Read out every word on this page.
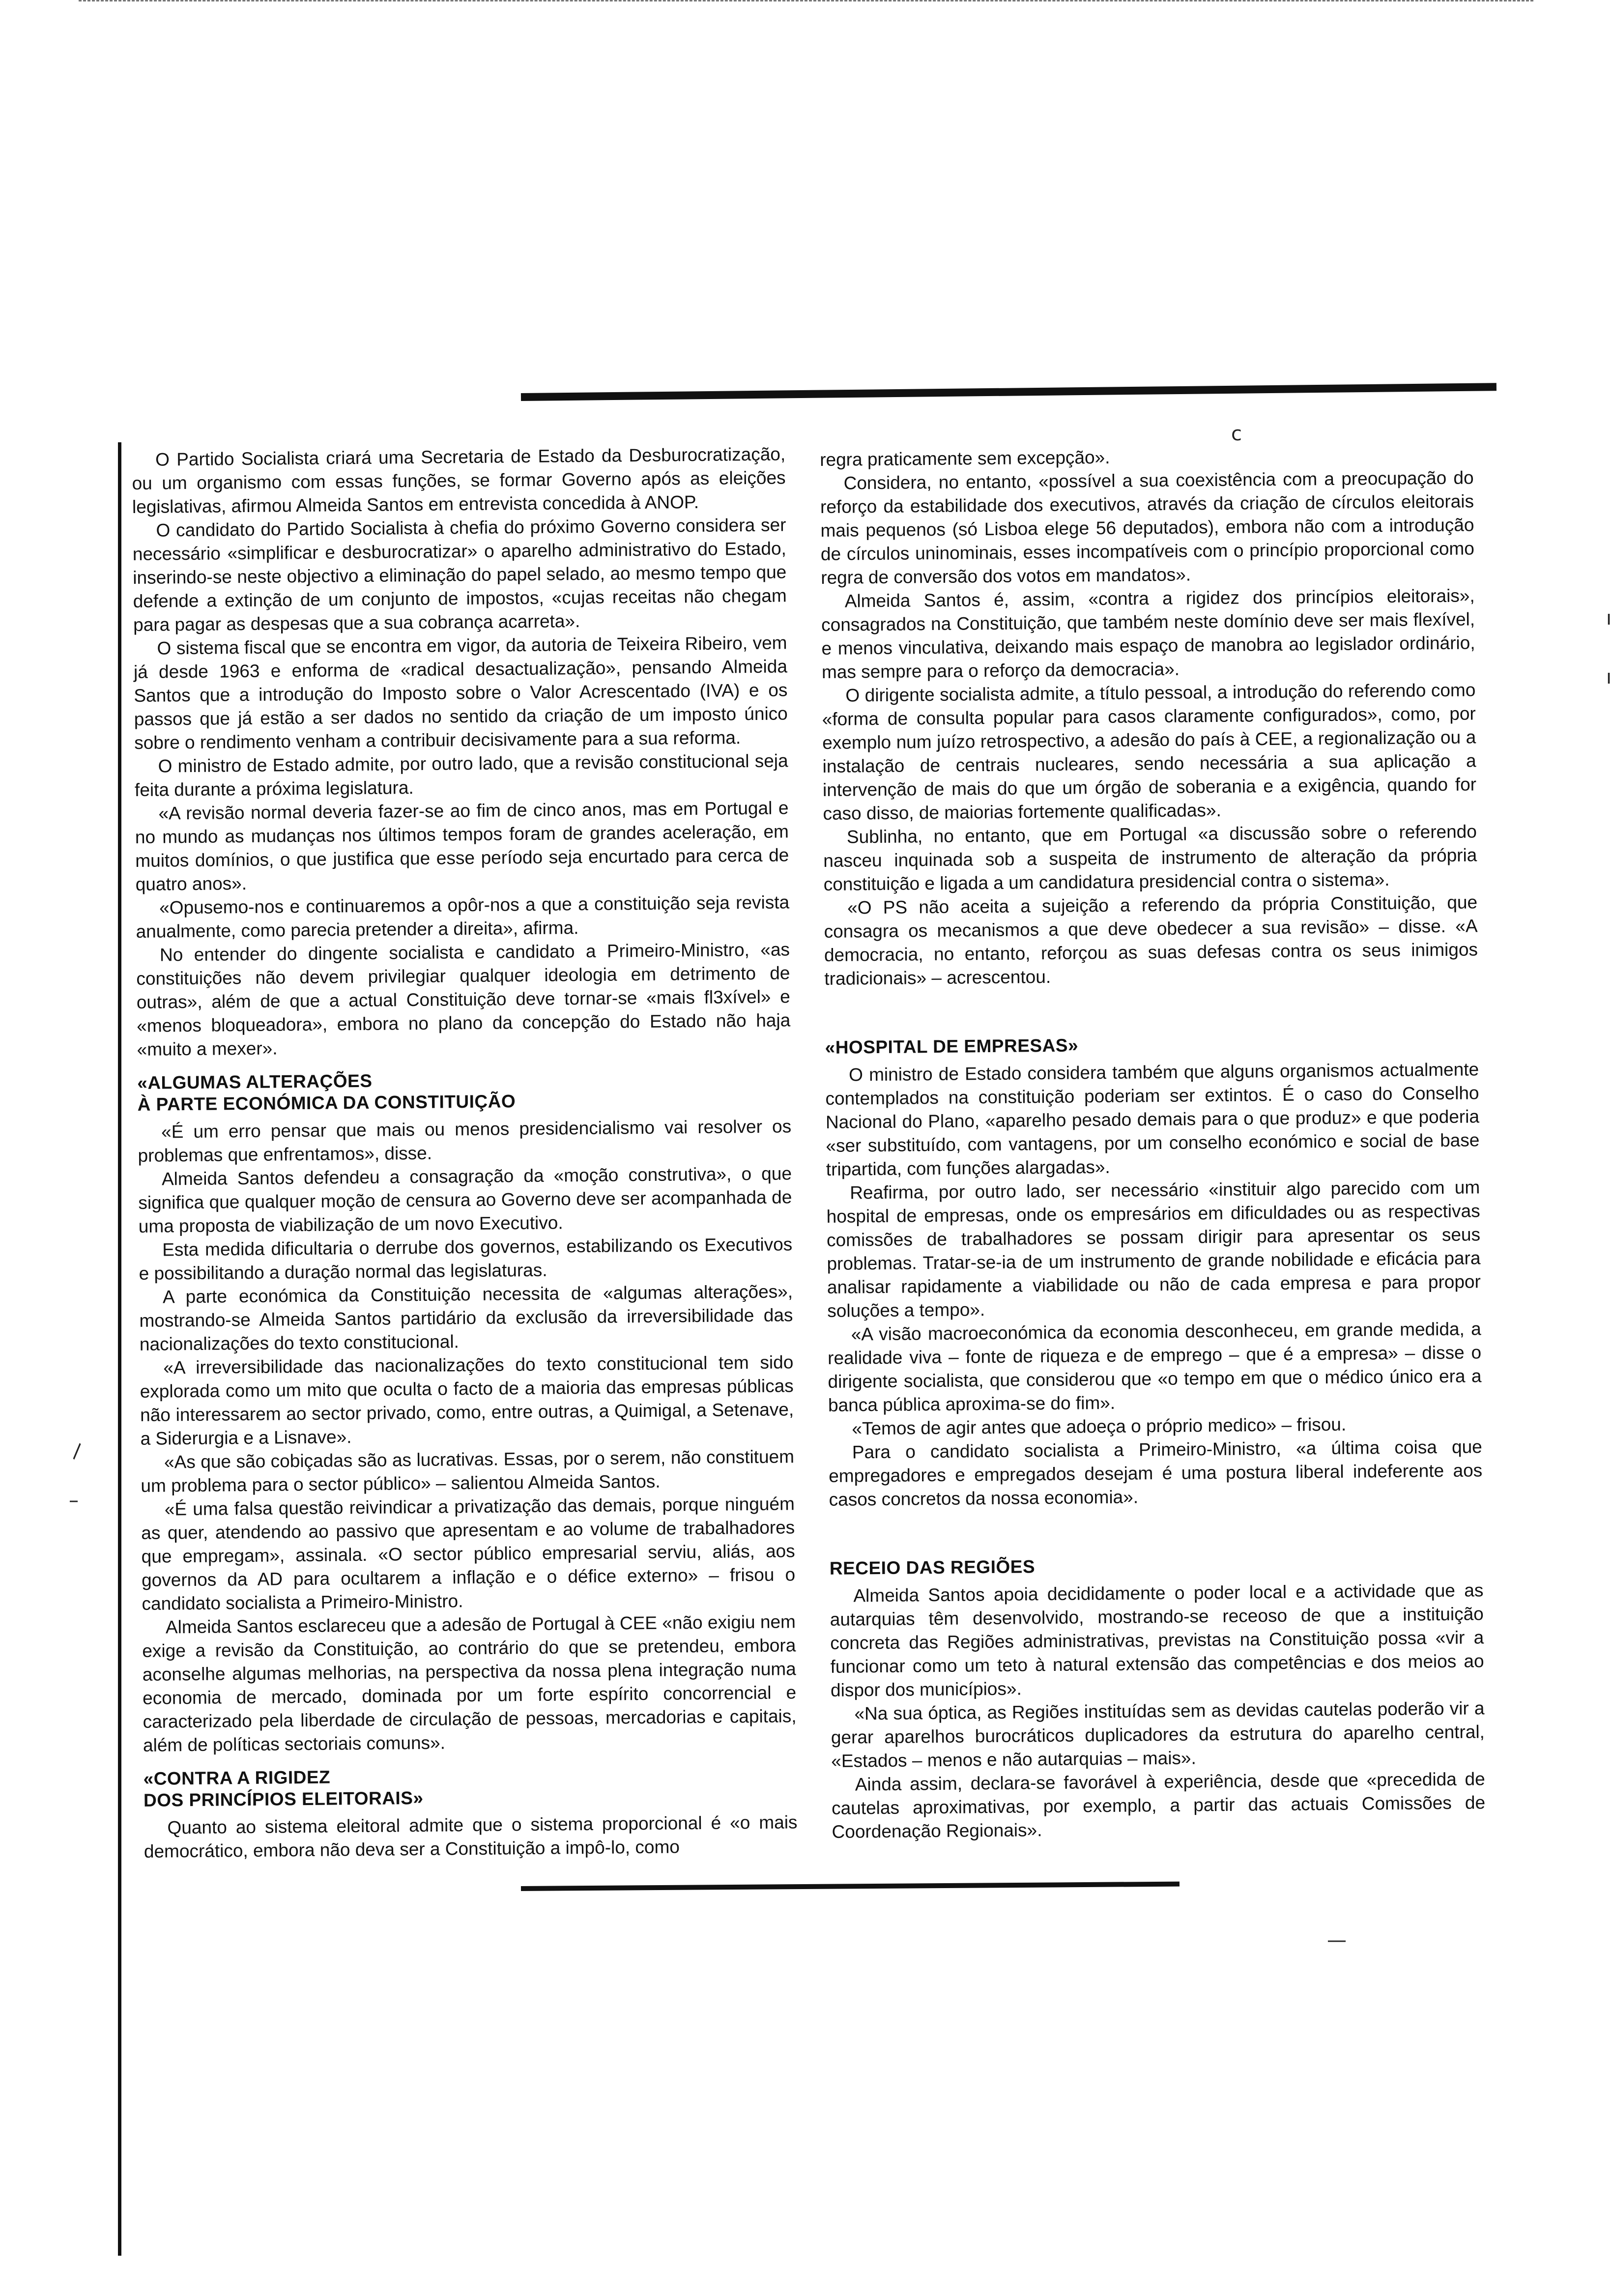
c
\
–
ı
ı
—

O Partido Socialista criará uma Secretaria de Estado da Desburocratização, ou um organismo com essas funções, se formar Governo após as eleições legislativas, afirmou Almeida Santos em entrevista concedida à ANOP.

O candidato do Partido Socialista à chefia do próximo Governo considera ser necessário «simplificar e desburocratizar» o aparelho administrativo do Estado, inserindo-se neste objectivo a eliminação do papel selado, ao mesmo tempo que defende a extinção de um conjunto de impostos, «cujas receitas não chegam para pagar as despesas que a sua cobrança acarreta».

O sistema fiscal que se encontra em vigor, da autoria de Teixeira Ribeiro, vem já desde 1963 e enforma de «radical desactualização», pensando Almeida Santos que a introdução do Imposto sobre o Valor Acrescentado (IVA) e os passos que já estão a ser dados no sentido da criação de um imposto único sobre o rendimento venham a contribuir decisivamente para a sua reforma.

O ministro de Estado admite, por outro lado, que a revisão constitucional seja feita durante a próxima legislatura.

«A revisão normal deveria fazer-se ao fim de cinco anos, mas em Portugal e no mundo as mudanças nos últimos tempos foram de grandes aceleração, em muitos domínios, o que justifica que esse período seja encurtado para cerca de quatro anos».

«Opusemo-nos e continuaremos a opôr-nos a que a constituição seja revista anualmente, como parecia pretender a direita», afirma.

No entender do dingente socialista e candidato a Primeiro-Ministro, «as constituições não devem privilegiar qualquer ideologia em detrimento de outras», além de que a actual Constituição deve tornar-se «mais fl3xível» e «menos bloqueadora», embora no plano da concepção do Estado não haja «muito a mexer».

«ALGUMAS ALTERAÇÕES
À PARTE ECONÓMICA DA CONSTITUIÇÃO

«É um erro pensar que mais ou menos presidencialismo vai resolver os problemas que enfrentamos», disse.

Almeida Santos defendeu a consagração da «moção construtiva», o que significa que qualquer moção de censura ao Governo deve ser acompanhada de uma proposta de viabilização de um novo Executivo.

Esta medida dificultaria o derrube dos governos, estabilizando os Executivos e possibilitando a duração normal das legislaturas.

A parte económica da Constituição necessita de «algumas alterações», mostrando-se Almeida Santos partidário da exclusão da irreversibilidade das nacionalizações do texto constitucional.

«A irreversibilidade das nacionalizações do texto constitucional tem sido explorada como um mito que oculta o facto de a maioria das empresas públicas não interessarem ao sector privado, como, entre outras, a Quimigal, a Setenave, a Siderurgia e a Lisnave».

«As que são cobiçadas são as lucrativas. Essas, por o serem, não constituem um problema para o sector público» – salientou Almeida Santos.

«É uma falsa questão reivindicar a privatização das demais, porque ninguém as quer, atendendo ao passivo que apresentam e ao volume de trabalhadores que empregam», assinala. «O sector público empresarial serviu, aliás, aos governos da AD para ocultarem a inflação e o défice externo» – frisou o candidato socialista a Primeiro-Ministro.

Almeida Santos esclareceu que a adesão de Portugal à CEE «não exigiu nem exige a revisão da Constituição, ao contrário do que se pretendeu, embora aconselhe algumas melhorias, na perspectiva da nossa plena integração numa economia de mercado, dominada por um forte espírito concorrencial e caracterizado pela liberdade de circulação de pessoas, mercadorias e capitais, além de políticas sectoriais comuns».

«CONTRA A RIGIDEZ
DOS PRINCÍPIOS ELEITORAIS»

Quanto ao sistema eleitoral admite que o sistema proporcional é «o mais democrático, embora não deva ser a Constituição a impô-lo, como

regra praticamente sem excepção».

Considera, no entanto, «possível a sua coexistência com a preocupação do reforço da estabilidade dos executivos, através da criação de círculos eleitorais mais pequenos (só Lisboa elege 56 deputados), embora não com a introdução de círculos uninominais, esses incompatíveis com o princípio proporcional como regra de conversão dos votos em mandatos».

Almeida Santos é, assim, «contra a rigidez dos princípios eleitorais», consagrados na Constituição, que também neste domínio deve ser mais flexível, e menos vinculativa, deixando mais espaço de manobra ao legislador ordinário, mas sempre para o reforço da democracia».

O dirigente socialista admite, a título pessoal, a introdução do referendo como «forma de consulta popular para casos claramente configurados», como, por exemplo num juízo retrospectivo, a adesão do país à CEE, a regionalização ou a instalação de centrais nucleares, sendo necessária a sua aplicação a intervenção de mais do que um órgão de soberania e a exigência, quando for caso disso, de maiorias fortemente qualificadas».

Sublinha, no entanto, que em Portugal «a discussão sobre o referendo nasceu inquinada sob a suspeita de instrumento de alteração da própria constituição e ligada a um candidatura presidencial contra o sistema».

«O PS não aceita a sujeição a referendo da própria Constituição, que consagra os mecanismos a que deve obedecer a sua revisão» – disse. «A democracia, no entanto, reforçou as suas defesas contra os seus inimigos tradicionais» – acrescentou.

«HOSPITAL DE EMPRESAS»

O ministro de Estado considera também que alguns organismos actualmente contemplados na constituição poderiam ser extintos. É o caso do Conselho Nacional do Plano, «aparelho pesado demais para o que produz» e que poderia «ser substituído, com vantagens, por um conselho económico e social de base tripartida, com funções alargadas».

Reafirma, por outro lado, ser necessário «instituir algo parecido com um hospital de empresas, onde os empresários em dificuldades ou as respectivas comissões de trabalhadores se possam dirigir para apresentar os seus problemas. Tratar-se-ia de um instrumento de grande nobilidade e eficácia para analisar rapidamente a viabilidade ou não de cada empresa e para propor soluções a tempo».

«A visão macroeconómica da economia desconheceu, em grande medida, a realidade viva – fonte de riqueza e de emprego – que é a empresa» – disse o dirigente socialista, que considerou que «o tempo em que o médico único era a banca pública aproxima-se do fim».

«Temos de agir antes que adoeça o próprio medico» – frisou.

Para o candidato socialista a Primeiro-Ministro, «a última coisa que empregadores e empregados desejam é uma postura liberal indeferente aos casos concretos da nossa economia».

RECEIO DAS REGIÕES

Almeida Santos apoia decididamente o poder local e a actividade que as autarquias têm desenvolvido, mostrando-se receoso de que a instituição concreta das Regiões administrativas, previstas na Constituição possa «vir a funcionar como um teto à natural extensão das competências e dos meios ao dispor dos municípios».

«Na sua óptica, as Regiões instituídas sem as devidas cautelas poderão vir a gerar aparelhos burocráticos duplicadores da estrutura do aparelho central, «Estados – menos e não autarquias – mais».

Ainda assim, declara-se favorável à experiência, desde que «precedida de cautelas aproximativas, por exemplo, a partir das actuais Comissões de Coordenação Regionais».
